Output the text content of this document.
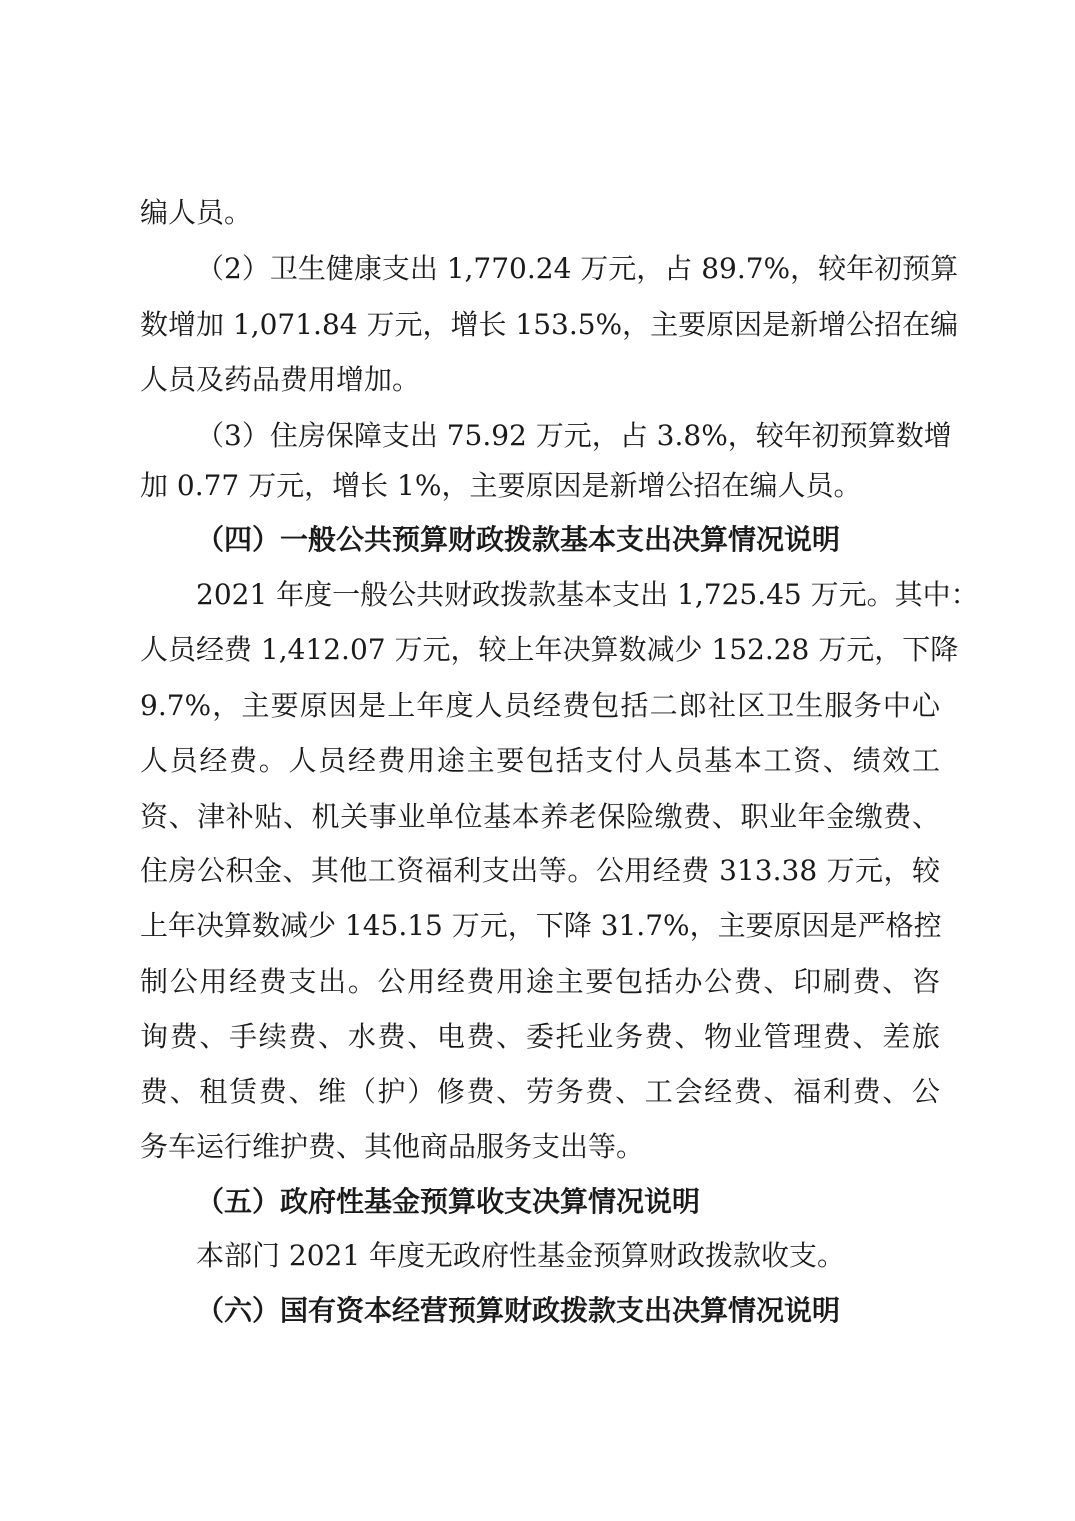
编人员。

（2）卫生健康支出 1,770.24 万元，占 89.7%，较年初预算

数增加 1,071.84 万元，增长 153.5%，主要原因是新增公招在编

人员及药品费用增加。

（3）住房保障支出 75.92 万元，占 3.8%，较年初预算数增

加 0.77 万元，增长 1%，主要原因是新增公招在编人员。

（四）一般公共预算财政拨款基本支出决算情况说明

2021 年度一般公共财政拨款基本支出 1,725.45 万元。其中：

人员经费 1,412.07 万元，较上年决算数减少 152.28 万元，下降

9.7%，主要原因是上年度人员经费包括二郎社区卫生服务中心

人员经费。人员经费用途主要包括支付人员基本工资、绩效工

资、津补贴、机关事业单位基本养老保险缴费、职业年金缴费、

住房公积金、其他工资福利支出等。公用经费 313.38 万元，较

上年决算数减少 145.15 万元，下降 31.7%，主要原因是严格控

制公用经费支出。公用经费用途主要包括办公费、印刷费、咨

询费、手续费、水费、电费、委托业务费、物业管理费、差旅

费、租赁费、维（护）修费、劳务费、工会经费、福利费、公

务车运行维护费、其他商品服务支出等。

（五）政府性基金预算收支决算情况说明

本部门 2021 年度无政府性基金预算财政拨款收支。

（六）国有资本经营预算财政拨款支出决算情况说明
